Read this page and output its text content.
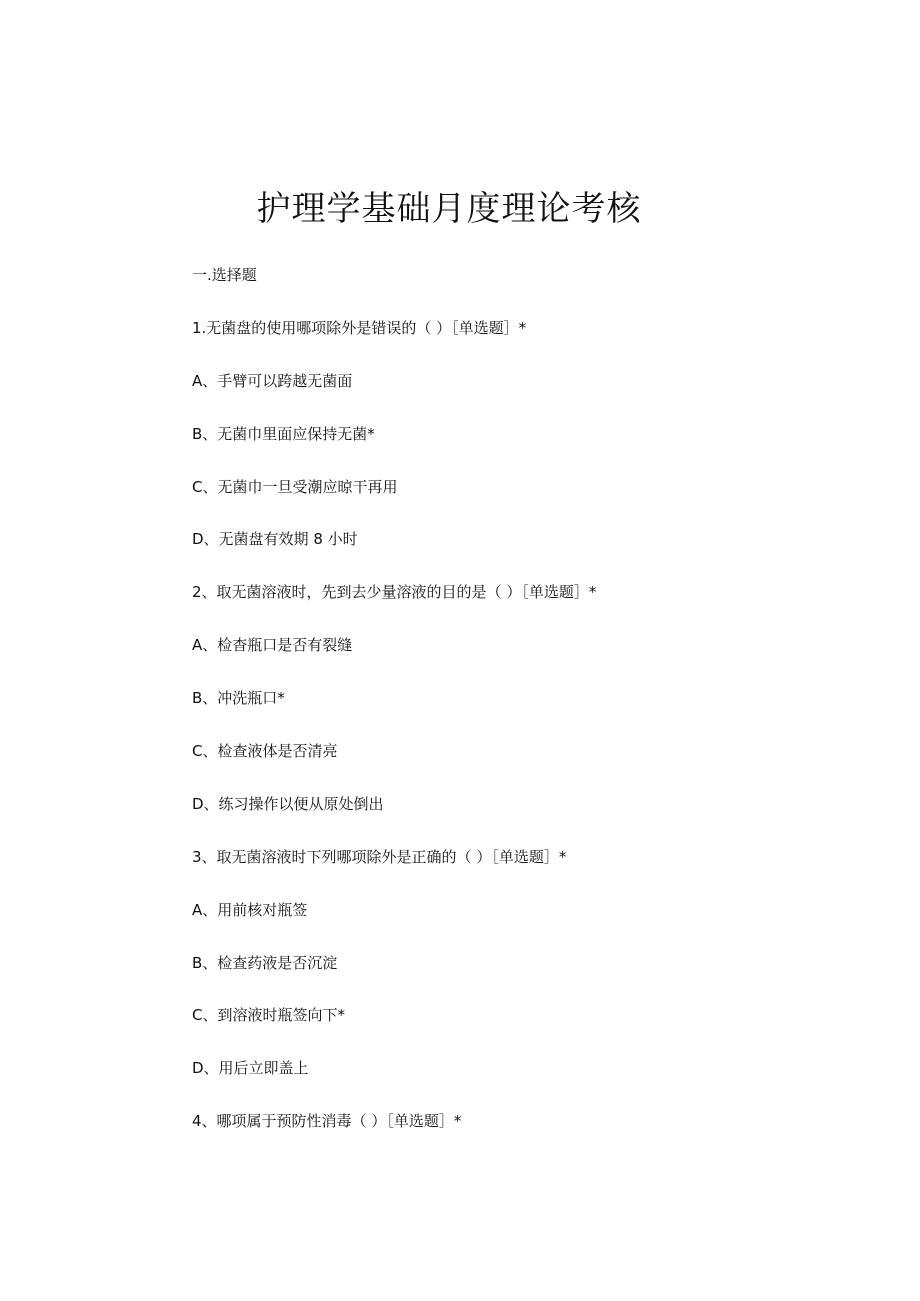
护理学基础月度理论考核
一.选择题
1.无菌盘的使用哪项除外是错误的（ ）［单选题］*
A、手臂可以跨越无菌面
B、无菌巾里面应保持无菌*
C、无菌巾一旦受潮应晾干再用
D、无菌盘有效期 8 小时
2、取无菌溶液时，先到去少量溶液的目的是（ ）［单选题］*
A、检杳瓶口是否有裂缝
B、冲洗瓶口*
C、检查液体是否清亮
D、练习操作以便从原处倒出
3、取无菌溶液时下列哪项除外是正确的（ ）［单选题］*
A、用前核对瓶签
B、检查药液是否沉淀
C、到溶液时瓶签向下*
D、用后立即盖上
4、哪项属于预防性消毒（ ）［单选题］*
